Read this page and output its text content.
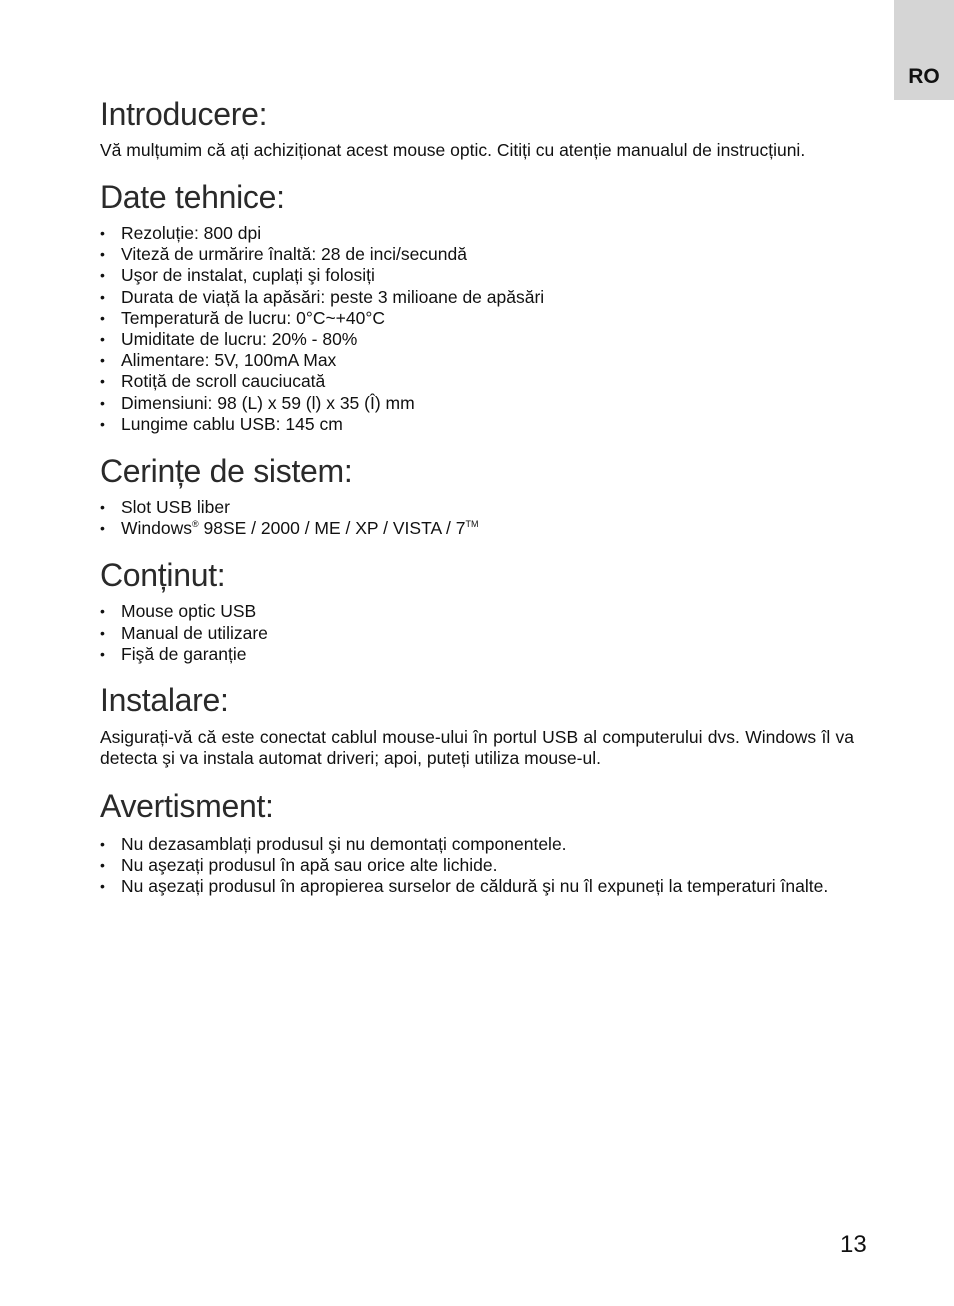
RO
Introducere:

Vă mulțumim că ați achiziționat acest mouse optic. Citiți cu atenție manualul de instrucțiuni.

Date tehnice:
• Rezoluție: 800 dpi
• Viteză de urmărire înaltă: 28 de inci/secundă
• Uşor de instalat, cuplați şi folosiți
• Durata de viață la apăsări: peste 3 milioane de apăsări
• Temperatură de lucru: 0°C~+40°C
• Umiditate de lucru: 20% - 80%
• Alimentare: 5V, 100mA Max
• Rotiță de scroll cauciucată
• Dimensiuni: 98 (L) x 59 (l) x 35 (Î) mm
• Lungime cablu USB: 145 cm
Cerințe de sistem:
• Slot USB liber
• Windows® 98SE / 2000 / ME / XP / VISTA / 7™
Conținut:
• Mouse optic USB
• Manual de utilizare
• Fişă de garanție
Instalare:

Asigurați-vă că este conectat cablul mouse-ului în portul USB al computerului dvs. Windows îl va detecta şi va instala automat driveri; apoi, puteți utiliza mouse-ul.

Avertisment:
• Nu dezasamblați produsul şi nu demontați componentele.
• Nu aşezați produsul în apă sau orice alte lichide.
• Nu aşezați produsul în apropierea surselor de căldură şi nu îl expuneți la temperaturi înalte.
13
